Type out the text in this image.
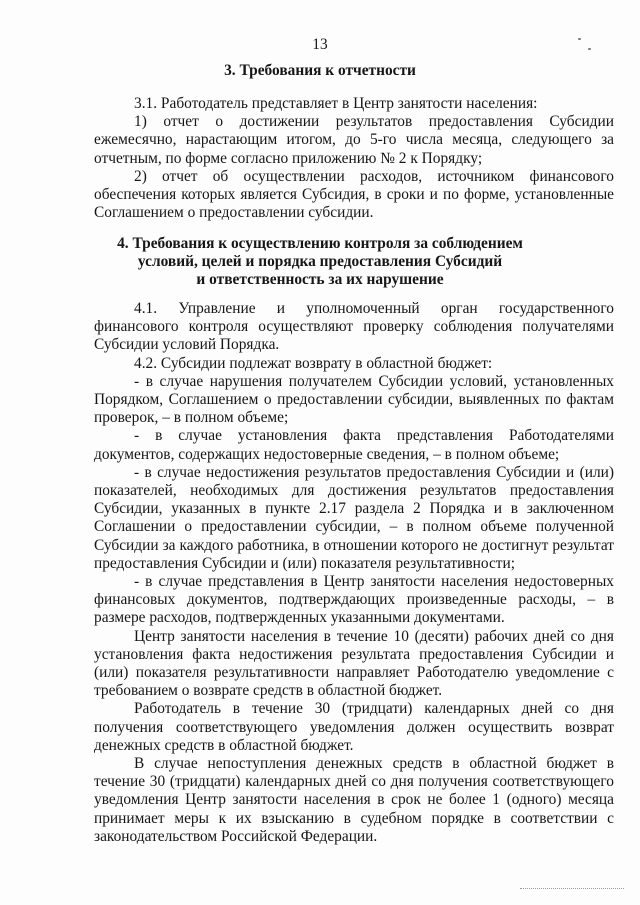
13
3. Требования к отчетности

3.1. Работодатель представляет в Центр занятости населения:

1) отчет о достижении результатов предоставления Субсидии ежемесячно, нарастающим итогом, до 5-го числа месяца, следующего за отчетным, по форме согласно приложению № 2 к Порядку;

2) отчет об осуществлении расходов, источником финансового обеспечения которых является Субсидия, в сроки и по форме, установленные Соглашением о предоставлении субсидии.

4. Требования к осуществлению контроля за соблюдением
условий, целей и порядка предоставления Субсидий
и ответственность за их нарушение

4.1. Управление и уполномоченный орган государственного финансового контроля осуществляют проверку соблюдения получателями Субсидии условий Порядка.

4.2. Субсидии подлежат возврату в областной бюджет:

- в случае нарушения получателем Субсидии условий, установленных Порядком, Соглашением о предоставлении субсидии, выявленных по фактам проверок, – в полном объеме;

- в случае установления факта представления Работодателями документов, содержащих недостоверные сведения, – в полном объеме;

- в случае недостижения результатов предоставления Субсидии и (или) показателей, необходимых для достижения результатов предоставления Субсидии, указанных в пункте 2.17 раздела 2 Порядка и в заключенном Соглашении о предоставлении субсидии, – в полном объеме полученной Субсидии за каждого работника, в отношении которого не достигнут результат предоставления Субсидии и (или) показателя результативности;

- в случае представления в Центр занятости населения недостоверных финансовых документов, подтверждающих произведенные расходы, – в размере расходов, подтвержденных указанными документами.

Центр занятости населения в течение 10 (десяти) рабочих дней со дня установления факта недостижения результата предоставления Субсидии и (или) показателя результативности направляет Работодателю уведомление с требованием о возврате средств в областной бюджет.

Работодатель в течение 30 (тридцати) календарных дней со дня получения соответствующего уведомления должен осуществить возврат денежных средств в областной бюджет.

В случае непоступления денежных средств в областной бюджет в течение 30 (тридцати) календарных дней со дня получения соответствующего уведомления Центр занятости населения в срок не более 1 (одного) месяца принимает меры к их взысканию в судебном порядке в соответствии с законодательством Российской Федерации.
